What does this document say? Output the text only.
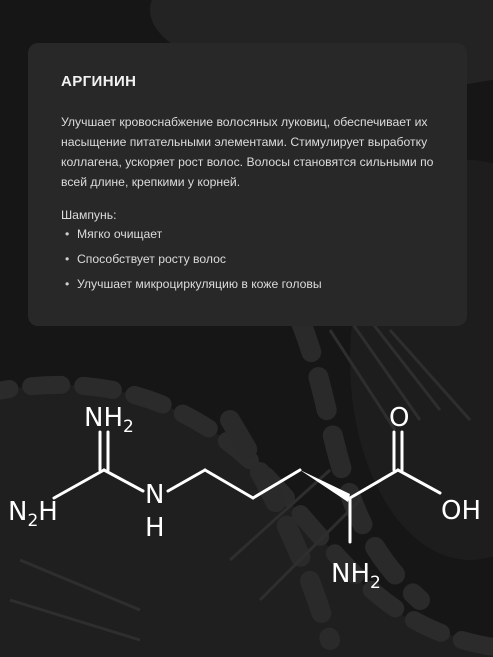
АРГИНИН

Улучшает кровоснабжение волосяных луковиц, обеспечивает их насыщение питательными элементами. Стимулирует выработку коллагена, ускоряет рост волос. Волосы становятся сильными по всей длине, крепкими у корней.

Шампунь:
• Мягко очищает
• Способствует росту волос
• Улучшает микроциркуляцию в коже головы
$NH_2$
$N_2H$
N
H
O
OH
$NH_2$
